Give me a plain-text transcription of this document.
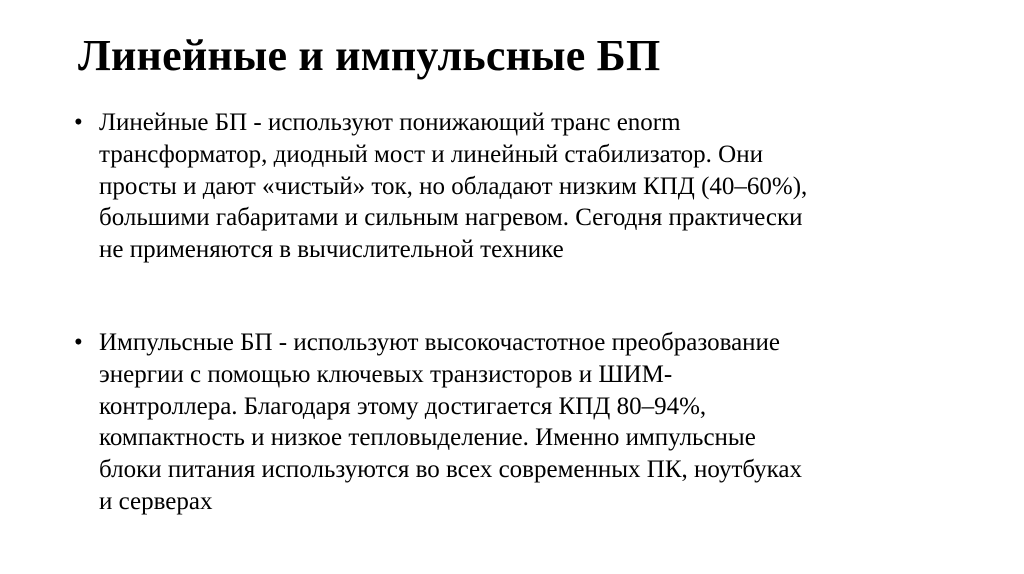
Линейные и импульсные БП
• Линейные БП - используют понижающий транс enorm
трансформатор, диодный мост и линейный стабилизатор. Они
просты и дают «чистый» ток, но обладают низким КПД (40–60%),
большими габаритами и сильным нагревом. Сегодня практически
не применяются в вычислительной технике
• Импульсные БП - используют высокочастотное преобразование
энергии с помощью ключевых транзисторов и ШИМ-
контроллера. Благодаря этому достигается КПД 80–94%,
компактность и низкое тепловыделение. Именно импульсные
блоки питания используются во всех современных ПК, ноутбуках
и серверах
